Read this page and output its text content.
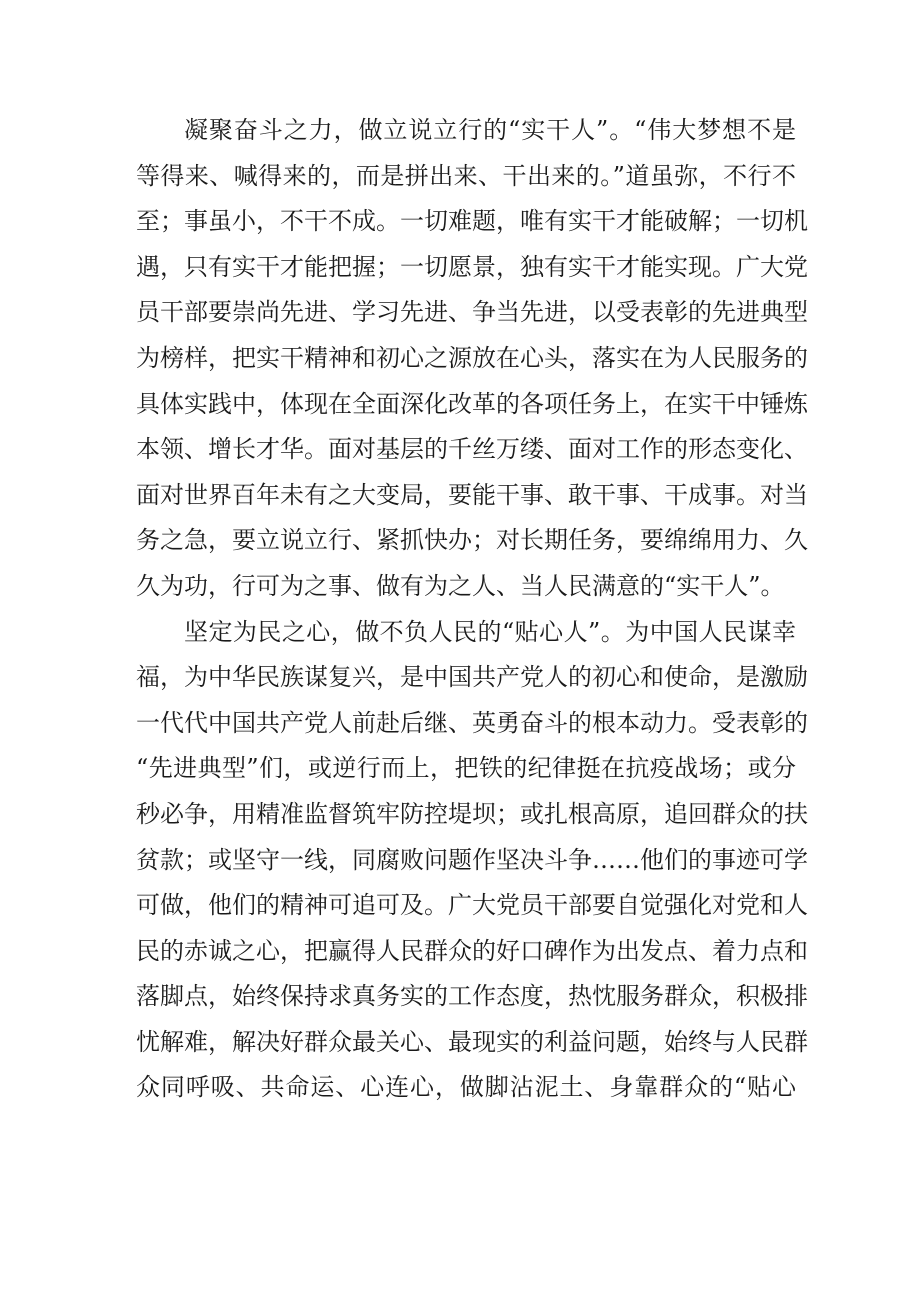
凝聚奋斗之力，做立说立行的“实干人”。“伟大梦想不是
等得来、喊得来的，而是拼出来、干出来的。”道虽弥，不行不
至；事虽小，不干不成。一切难题，唯有实干才能破解；一切机
遇，只有实干才能把握；一切愿景，独有实干才能实现。广大党
员干部要崇尚先进、学习先进、争当先进，以受表彰的先进典型
为榜样，把实干精神和初心之源放在心头，落实在为人民服务的
具体实践中，体现在全面深化改革的各项任务上，在实干中锤炼
本领、增长才华。面对基层的千丝万缕、面对工作的形态变化、
面对世界百年未有之大变局，要能干事、敢干事、干成事。对当
务之急，要立说立行、紧抓快办；对长期任务，要绵绵用力、久
久为功，行可为之事、做有为之人、当人民满意的“实干人”。
坚定为民之心，做不负人民的“贴心人”。为中国人民谋幸
福，为中华民族谋复兴，是中国共产党人的初心和使命，是激励
一代代中国共产党人前赴后继、英勇奋斗的根本动力。受表彰的
“先进典型”们，或逆行而上，把铁的纪律挺在抗疫战场；或分
秒必争，用精准监督筑牢防控堤坝；或扎根高原，追回群众的扶
贫款；或坚守一线，同腐败问题作坚决斗争……他们的事迹可学
可做，他们的精神可追可及。广大党员干部要自觉强化对党和人
民的赤诚之心，把赢得人民群众的好口碑作为出发点、着力点和
落脚点，始终保持求真务实的工作态度，热忱服务群众，积极排
忧解难，解决好群众最关心、最现实的利益问题，始终与人民群
众同呼吸、共命运、心连心，做脚沾泥土、身靠群众的“贴心
